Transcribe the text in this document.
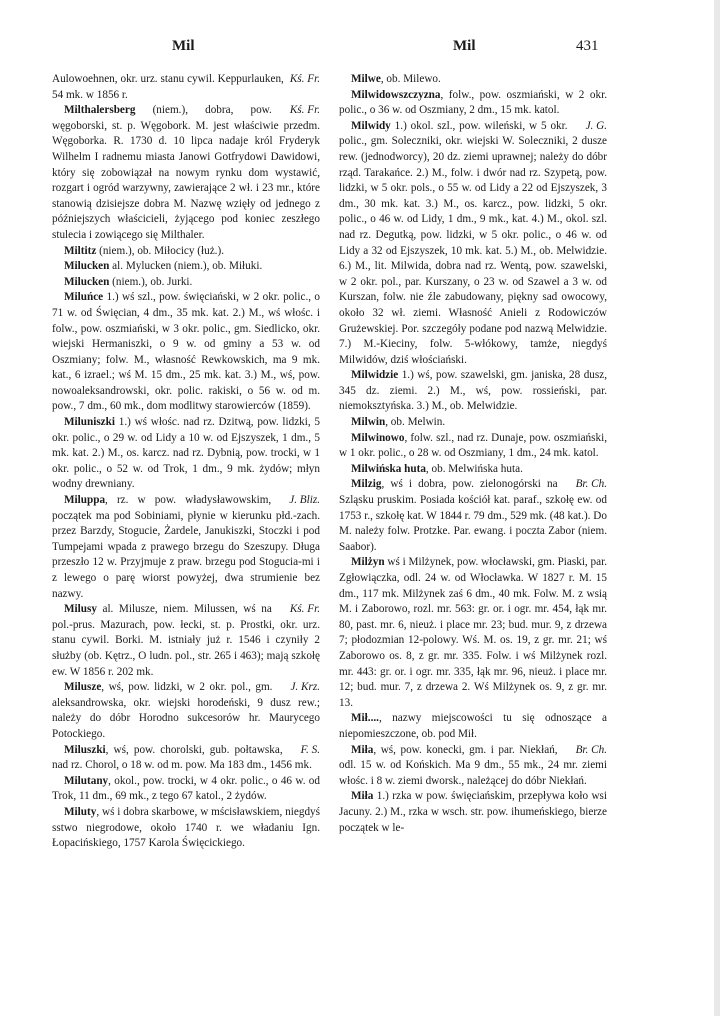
Mil	Mil	431

Kś. Fr.
Aulowoehnen, okr. urz. stanu cywil. Keppurlauken, 54 mk. w 1856 r.

Kś. Fr.
Milthalersberg (niem.), dobra, pow. węgoborski, st. p. Węgobork. M. jest właściwie przedm. Węgoborka. R. 1730 d. 10 lipca nadaje król Fryderyk Wilhelm I radnemu miasta Janowi Gotfrydowi Dawidowi, który się zobowiązał na nowym rynku dom wystawić, rozgart i ogród warzywny, zawierające 2 wł. i 23 mr., które stanowią dzisiejsze dobra M. Nazwę wzięły od jednego z późniejszych właścicieli, żyjącego pod koniec zeszłego stulecia i zowiącego się Milthaler.

Miltitz (niem.), ob. Miłocicy (łuż.).

Milucken al. Mylucken (niem.), ob. Miłuki.

Milucken (niem.), ob. Jurki.

Miluńce 1.) wś szl., pow. święciański, w 2 okr. polic., o 71 w. od Święcian, 4 dm., 35 mk. kat. 2.) M., wś włośc. i folw., pow. oszmiański, w 3 okr. polic., gm. Siedlicko, okr. wiejski Hermaniszki, o 9 w. od gminy a 53 w. od Oszmiany; folw. M., własność Rewkowskich, ma 9 mk. kat., 6 izrael.; wś M. 15 dm., 25 mk. kat. 3.) M., wś, pow. nowoaleksandrowski, okr. polic. rakiski, o 56 w. od m. pow., 7 dm., 60 mk., dom modlitwy starowierców (1859).

Miluniszki 1.) wś włośc. nad rz. Dzitwą, pow. lidzki, 5 okr. polic., o 29 w. od Lidy a 10 w. od Ejszyszek, 1 dm., 5 mk. kat. 2.) M., os. karcz. nad rz. Dybnią, pow. trocki, w 1 okr. polic., o 52 w. od Trok, 1 dm., 9 mk. żydów; młyn wodny drewniany.

J. Bliz.
Miluppa, rz. w pow. władysławowskim, początek ma pod Sobiniami, płynie w kierunku płd.-zach. przez Barzdy, Stogucie, Żardele, Janukiszki, Stoczki i pod Tumpejami wpada z prawego brzegu do Szeszupy. Długa przeszło 12 w. Przyjmuje z praw. brzegu pod Stogucia-mi i z lewego o parę wiorst powyżej, dwa strumienie bez nazwy.

Kś. Fr.
Milusy al. Milusze, niem. Milussen, wś na pol.-prus. Mazurach, pow. łecki, st. p. Prostki, okr. urz. stanu cywil. Borki. M. istniały już r. 1546 i czyniły 2 służby (ob. Kętrz., O ludn. pol., str. 265 i 463); mają szkołę ew. W 1856 r. 202 mk.

J. Krz.
Milusze, wś, pow. lidzki, w 2 okr. pol., gm. aleksandrowska, okr. wiejski horodeński, 9 dusz rew.; należy do dóbr Horodno sukcesorów hr. Maurycego Potockiego.

F. S.
Miluszki, wś, pow. chorolski, gub. połtawska, nad rz. Chorol, o 18 w. od m. pow. Ma 183 dm., 1456 mk.

Milutany, okol., pow. trocki, w 4 okr. polic., o 46 w. od Trok, 11 dm., 69 mk., z tego 67 katol., 2 żydów.

Miluty, wś i dobra skarbowe, w mścisławskiem, niegdyś sstwo niegrodowe, około 1740 r. we władaniu Ign. Łopacińskiego, 1757 Karola Święcickiego.

Milwe, ob. Milewo.

Milwidowszczyzna, folw., pow. oszmiański, w 2 okr. polic., o 36 w. od Oszmiany, 2 dm., 15 mk. katol.

J. G.
Milwidy 1.) okol. szl., pow. wileński, w 5 okr. polic., gm. Soleczniki, okr. wiejski W. Soleczniki, 2 dusze rew. (jednodworcy), 20 dz. ziemi uprawnej; należy do dóbr rząd. Tarakańce. 2.) M., folw. i dwór nad rz. Szypetą, pow. lidzki, w 5 okr. pols., o 55 w. od Lidy a 22 od Ejszyszek, 3 dm., 30 mk. kat. 3.) M., os. karcz., pow. lidzki, 5 okr. polic., o 46 w. od Lidy, 1 dm., 9 mk., kat. 4.) M., okol. szl. nad rz. Degutką, pow. lidzki, w 5 okr. polic., o 46 w. od Lidy a 32 od Ejszyszek, 10 mk. kat. 5.) M., ob. Melwidzie. 6.) M., lit. Milwida, dobra nad rz. Wentą, pow. szawelski, w 2 okr. pol., par. Kurszany, o 23 w. od Szawel a 3 w. od Kurszan, folw. nie źle zabudowany, piękny sad owocowy, około 32 wł. ziemi. Własność Anieli z Rodowiczów Grużewskiej. Por. szczegóły podane pod nazwą Melwidzie. 7.) M.-Kieciny, folw. 5-włókowy, tamże, niegdyś Milwidów, dziś włościański.

Milwidzie 1.) wś, pow. szawelski, gm. janiska, 28 dusz, 345 dz. ziemi. 2.) M., wś, pow. rossieński, par. niemoksztyńska. 3.) M., ob. Melwidzie.

Milwin, ob. Melwin.

Milwinowo, folw. szl., nad rz. Dunaje, pow. oszmiański, w 1 okr. polic., o 28 w. od Oszmiany, 1 dm., 24 mk. katol.

Milwińska huta, ob. Melwińska huta.

Br. Ch.
Milzig, wś i dobra, pow. zielonogórski na Szląsku pruskim. Posiada kościół kat. paraf., szkołę ew. od 1753 r., szkołę kat. W 1844 r. 79 dm., 529 mk. (48 kat.). Do M. należy folw. Protzke. Par. ewang. i poczta Zabor (niem. Saabor).

Milżyn wś i Milżynek, pow. włocławski, gm. Piaski, par. Zgłowiączka, odl. 24 w. od Włocławka. W 1827 r. M. 15 dm., 117 mk. Milżynek zaś 6 dm., 40 mk. Folw. M. z wsią M. i Zaborowo, rozl. mr. 563: gr. or. i ogr. mr. 454, łąk mr. 80, past. mr. 6, nieuż. i place mr. 23; bud. mur. 9, z drzewa 7; płodozmian 12-polowy. Wś. M. os. 19, z gr. mr. 21; wś Zaborowo os. 8, z gr. mr. 335. Folw. i wś Milżynek rozl. mr. 443: gr. or. i ogr. mr. 335, łąk mr. 96, nieuż. i place mr. 12; bud. mur. 7, z drzewa 2. Wś Milżynek os. 9, z gr. mr. 13.

Mił...., nazwy miejscowości tu się odnoszące a niepomieszczone, ob. pod Mił.

Br. Ch.
Miła, wś, pow. konecki, gm. i par. Niekłań, odl. 15 w. od Końskich. Ma 9 dm., 55 mk., 24 mr. ziemi włośc. i 8 w. ziemi dworsk., należącej do dóbr Niekłań.

Miła 1.) rzka w pow. święciańskim, przepływa koło wsi Jacuny. 2.) M., rzka w wsch. str. pow. ihumeńskiego, bierze początek w le-
